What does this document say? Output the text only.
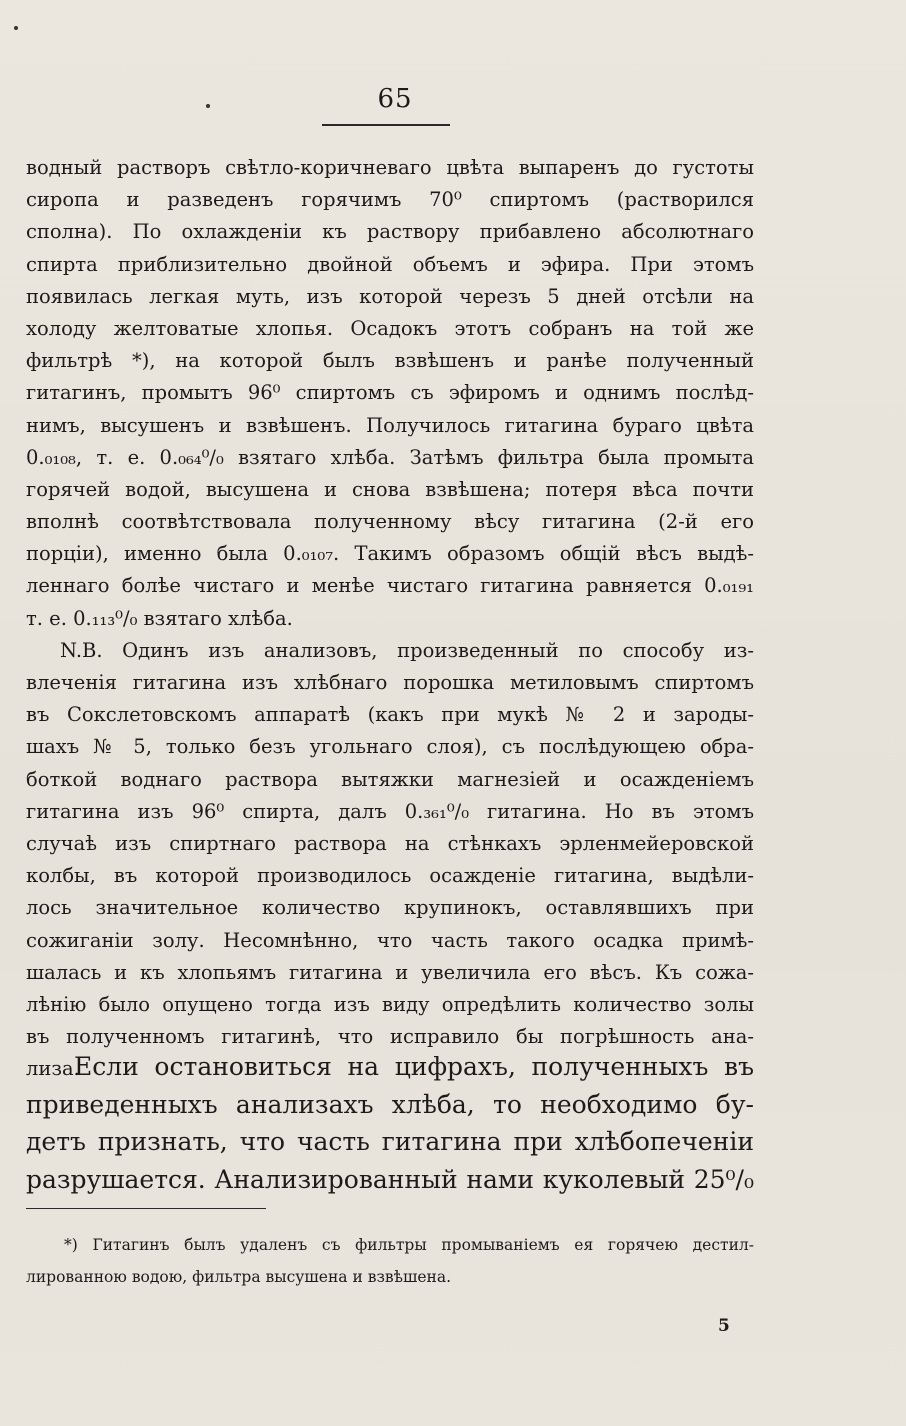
65
водный растворъ свѣтло-коричневаго цвѣта выпаренъ до густоты
сиропа и разведенъ горячимъ 70⁰ спиртомъ (растворился
сполна). По охлажденіи къ раствору прибавлено абсолютнаго
спирта приблизительно двойной объемъ и эфира. При этомъ
появилась легкая муть, изъ которой черезъ 5 дней отсѣли на
холоду желтоватые хлопья. Осадокъ этотъ собранъ на той же
фильтрѣ *), на которой былъ взвѣшенъ и ранѣе полученный
гитагинъ, промытъ 96⁰ спиртомъ съ эфиромъ и однимъ послѣд-
нимъ, высушенъ и взвѣшенъ. Получилось гитагина бураго цвѣта
0.₀₁₀₈, т. е. 0.₀₆₄⁰/₀ взятаго хлѣба. Затѣмъ фильтра была промыта
горячей водой, высушена и снова взвѣшена; потеря вѣса почти
вполнѣ соотвѣтствовала полученному вѣсу гитагина (2-й его
порціи), именно была 0.₀₁₀₇. Такимъ образомъ общій вѣсъ выдѣ-
леннаго болѣе чистаго и менѣе чистаго гитагина равняется 0.₀₁₉₁
т. е. 0.₁₁₃⁰/₀ взятаго хлѣба.
N.B. Одинъ изъ анализовъ, произведенный по способу из-
влеченія гитагина изъ хлѣбнаго порошка метиловымъ спиртомъ
въ Сокслетовскомъ аппаратѣ (какъ при мукѣ № 2 и зароды-
шахъ № 5, только безъ угольнаго слоя), съ послѣдующею обра-
боткой воднаго раствора вытяжки магнезіей и осажденіемъ
гитагина изъ 96⁰ спирта, далъ 0.₃₆₁⁰/₀ гитагина. Но въ этомъ
случаѣ изъ спиртнаго раствора на стѣнкахъ эрленмейеровской
колбы, въ которой производилось осажденіе гитагина, выдѣли-
лось значительное количество крупинокъ, оставлявшихъ при
сожиганіи золу. Несомнѣнно, что часть такого осадка примѣ-
шалась и къ хлопьямъ гитагина и увеличила его вѣсъ. Къ сожа-
лѣнію было опущено тогда изъ виду опредѣлить количество золы
въ полученномъ гитагинѣ, что исправило бы погрѣшность ана-
лиза.
Если остановиться на цифрахъ, полученныхъ въ
приведенныхъ анализахъ хлѣба, то необходимо бу-
детъ признать, что часть гитагина при хлѣбопеченіи
разрушается. Анализированный нами куколевый 25⁰/₀
*) Гитагинъ былъ удаленъ съ фильтры промываніемъ ея горячею дестил-
лированною водою, фильтра высушена и взвѣшена.
5
